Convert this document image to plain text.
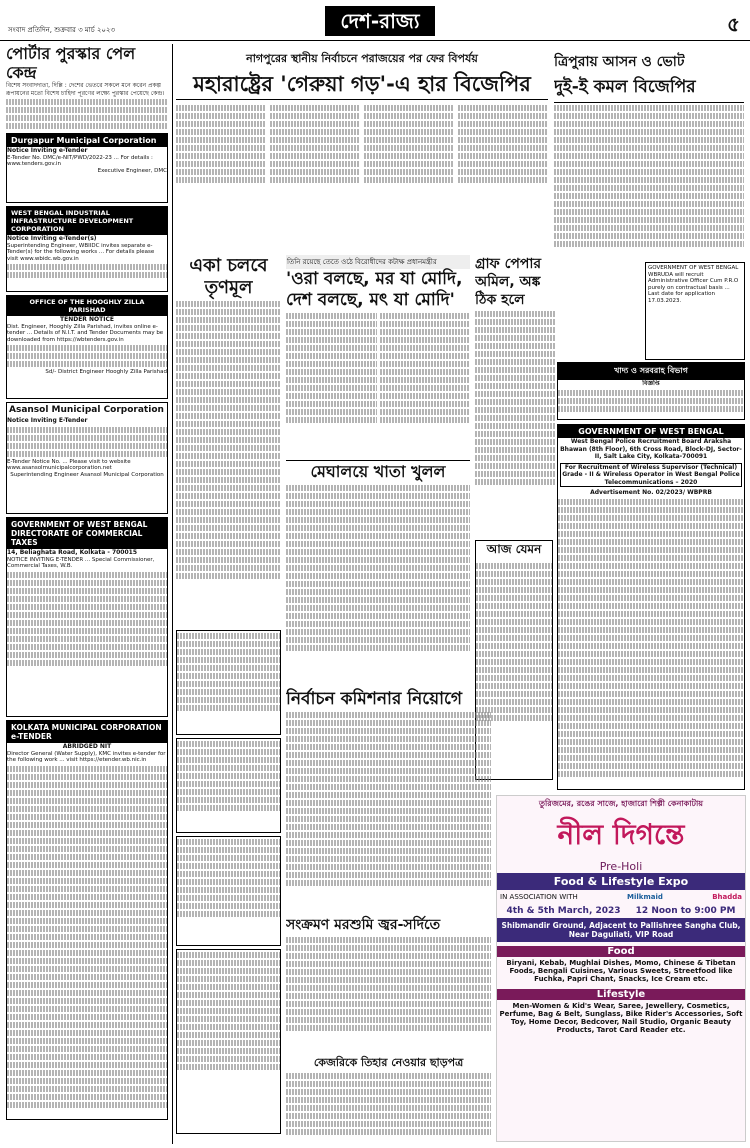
সংবাদ প্রতিদিন, শুক্রবার ৩ মার্চ ২০২৩	দেশ-রাজ্য	৫
পোর্টার পুরস্কার পেল কেন্দ্র

বিশেষ সংবাদদাতা, দিল্লি : দেশের ভেতরে সকলে মনে করেন প্রকল্প রূপায়নের মতো বিশেষ চাহিদা পূরণের লক্ষ্যে পুরস্কার পেয়েছে কেন্দ্র।

Durgapur Municipal Corporation
Notice Inviting e-Tender
E-Tender No. DMC/e-NIT/PWD/2022-23 ... For details : www.tenders.gov.in
Executive Engineer, DMC
WEST BENGAL INDUSTRIAL INFRASTRUCTURE DEVELOPMENT CORPORATION
Notice Inviting e-Tender(s)
Superintending Engineer, WBIIDC invites separate e-Tender(s) for the following works ... For details please visit www.wbidc.wb.gov.in
OFFICE OF THE HOOGHLY ZILLA PARISHAD
TENDER NOTICE
Dist. Engineer, Hooghly Zilla Parishad, invites online e-tender ... Details of N.I.T. and Tender Documents may be downloaded from https://wbtenders.gov.in
Sd/- District Engineer Hooghly Zilla Parishad
Asansol Municipal Corporation
Notice Inviting E-Tender
E-Tender Notice No. ... Please visit to website www.asansolmunicipalcorporation.net
Superintending Engineer Asansol Municipal Corporation
GOVERNMENT OF WEST BENGAL DIRECTORATE OF COMMERCIAL TAXES
14, Beliaghata Road, Kolkata - 700015
NOTICE INVITING E-TENDER ... Special Commissioner, Commercial Taxes, W.B.
KOLKATA MUNICIPAL CORPORATION e-TENDER
ABRIDGED NIT
Director General (Water Supply), KMC invites e-tender for the following work ... visit https://etender.wb.nic.in
নাগপুরের স্থানীয় নির্বাচনে পরাজয়ের পর ফের বিপর্যয়
মহারাষ্ট্রের 'গেরুয়া গড়'-এ হার বিজেপির
ত্রিপুরায় আসন ও ভোট
দুই-ই কমল বিজেপির
একা চলবে তৃণমূল
তিনি রয়েছে তেতে ওঠে বিরোধীদের কটাক্ষ প্রধানমন্ত্রীর
'ওরা বলছে, মর যা মোদি, দেশ বলছে, মৎ যা মোদি'
গ্রাফ পেপার অমিল, অঙ্ক ঠিক হলে
GOVERNMENT OF WEST BENGAL WBRUDA will recruit Administrative Officer Cum P.R.O purely on contractual basis ... Last date for application 17.03.2023.
খাদ্য ও সরবরাহ বিভাগ
বিজ্ঞপ্তি
GOVERNMENT OF WEST BENGAL
West Bengal Police Recruitment Board Araksha Bhawan (8th Floor), 6th Cross Road, Block-DJ, Sector-II, Salt Lake City, Kolkata-700091
For Recruitment of Wireless Supervisor (Technical) Grade - II & Wireless Operator in West Bengal Police Telecommunications – 2020
Advertisement No. 02/2023/ WBPRB
মেঘালয়ে খাতা খুলল
আজ যেমন
নির্বাচন কমিশনার নিয়োগে
সংক্রমণ মরশুমি জ্বর-সর্দিতে
কেজরিকে তিহার নেওয়ার ছাড়পত্র
তুরিজমের, রঙের সাজে, হাজারো শিল্পী কেনাকাটায়
নীল দিগন্তে
Pre-Holi
Food & Lifestyle Expo
IN ASSOCIATION WITH	Milkmaid	Bhadda
4th & 5th March, 2023 12 Noon to 9:00 PM
Shibmandir Ground, Adjacent to Pallishree Sangha Club, Near Daguliati, VIP Road
Food
Biryani, Kebab, Mughlai Dishes, Momo, Chinese & Tibetan Foods, Bengali Cuisines, Various Sweets, Streetfood like Fuchka, Papri Chant, Snacks, Ice Cream etc.
Lifestyle
Men-Women & Kid's Wear, Saree, Jewellery, Cosmetics, Perfume, Bag & Belt, Sunglass, Bike Rider's Accessories, Soft Toy, Home Decor, Bedcover, Nail Studio, Organic Beauty Products, Tarot Card Reader etc.
